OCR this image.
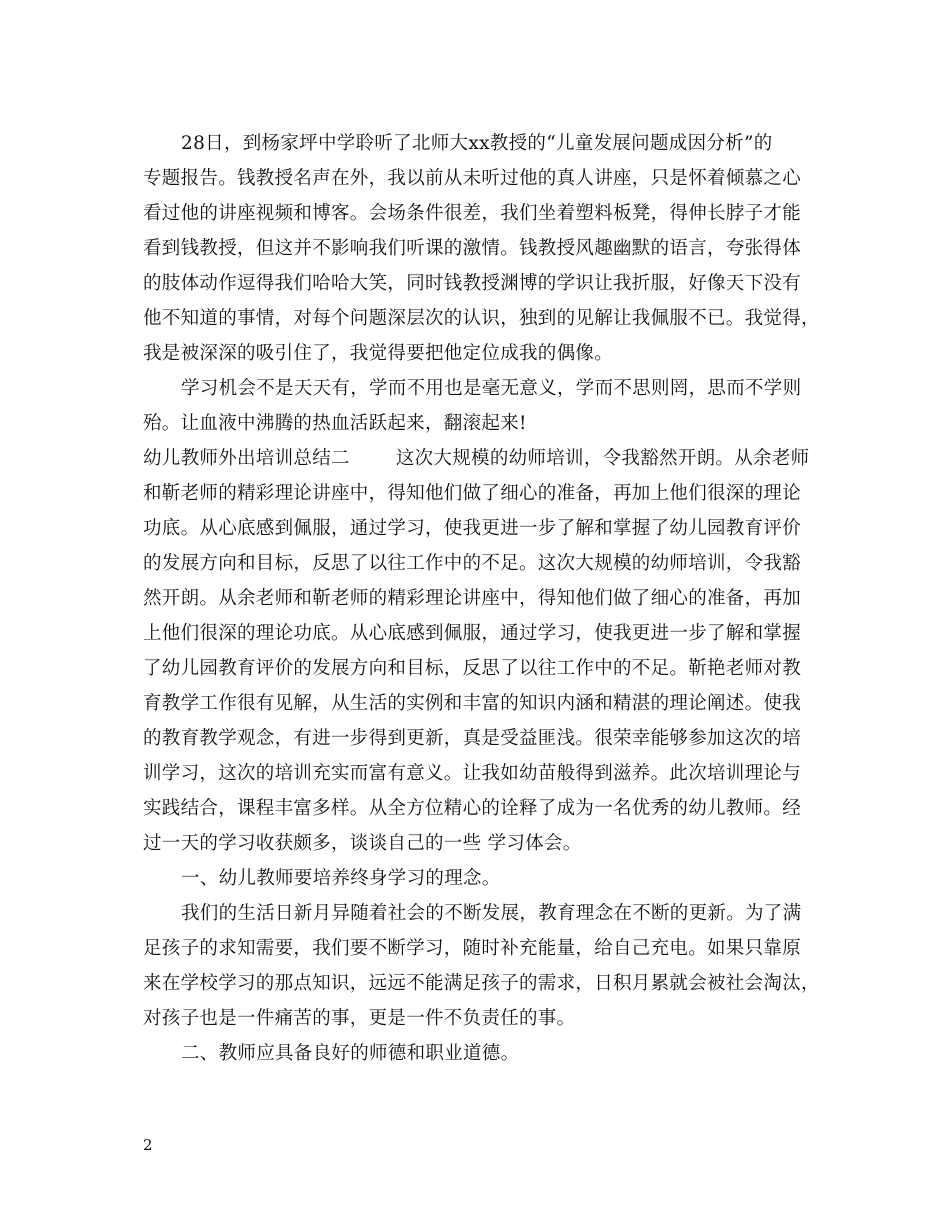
28日，到杨家坪中学聆听了北师大xx教授的“儿童发展问题成因分析”的
专题报告。钱教授名声在外，我以前从未听过他的真人讲座，只是怀着倾慕之心
看过他的讲座视频和博客。会场条件很差，我们坐着塑料板凳，得伸长脖子才能
看到钱教授，但这并不影响我们听课的激情。钱教授风趣幽默的语言，夸张得体
的肢体动作逗得我们哈哈大笑，同时钱教授渊博的学识让我折服，好像天下没有
他不知道的事情，对每个问题深层次的认识，独到的见解让我佩服不已。我觉得，
我是被深深的吸引住了，我觉得要把他定位成我的偶像。
学习机会不是天天有，学而不用也是毫无意义，学而不思则罔，思而不学则
殆。让血液中沸腾的热血活跃起来，翻滚起来!
幼儿教师外出培训总结二 这次大规模的幼师培训，令我豁然开朗。从余老师
和靳老师的精彩理论讲座中，得知他们做了细心的准备，再加上他们很深的理论
功底。从心底感到佩服，通过学习，使我更进一步了解和掌握了幼儿园教育评价
的发展方向和目标，反思了以往工作中的不足。这次大规模的幼师培训，令我豁
然开朗。从余老师和靳老师的精彩理论讲座中，得知他们做了细心的准备，再加
上他们很深的理论功底。从心底感到佩服，通过学习，使我更进一步了解和掌握
了幼儿园教育评价的发展方向和目标，反思了以往工作中的不足。靳艳老师对教
育教学工作很有见解，从生活的实例和丰富的知识内涵和精湛的理论阐述。使我
的教育教学观念，有进一步得到更新，真是受益匪浅。很荣幸能够参加这次的培
训学习，这次的培训充实而富有意义。让我如幼苗般得到滋养。此次培训理论与
实践结合，课程丰富多样。从全方位精心的诠释了成为一名优秀的幼儿教师。经
过一天的学习收获颇多，谈谈自己的一些 学习体会。
一、幼儿教师要培养终身学习的理念。
我们的生活日新月异随着社会的不断发展，教育理念在不断的更新。为了满
足孩子的求知需要，我们要不断学习，随时补充能量，给自己充电。如果只靠原
来在学校学习的那点知识，远远不能满足孩子的需求，日积月累就会被社会淘汰，
对孩子也是一件痛苦的事，更是一件不负责任的事。
二、教师应具备良好的师德和职业道德。
2
